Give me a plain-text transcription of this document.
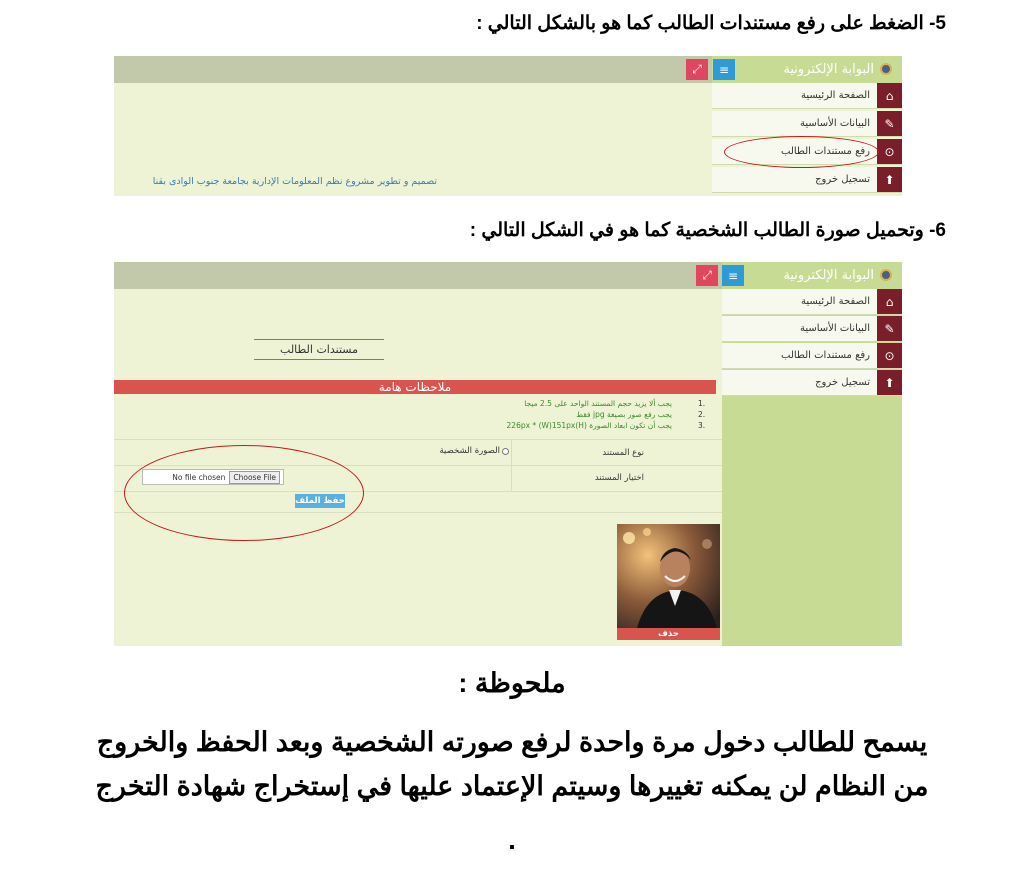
5- الضغط على رفع مستندات الطالب كما هو بالشكل التالي :
البوابة الإلكترونية
≡
⤢
⌂
الصفحة الرئيسية
✎
البيانات الأساسية
⊙
رفع مستندات الطالب
⬆
تسجيل خروج
تصميم و تطوير مشروع نظم المعلومات الإدارية بجامعة جنوب الوادى بقنا
6- وتحميل صورة الطالب الشخصية كما هو في الشكل التالي :
البوابة الإلكترونية
≡
⤢
⌂
الصفحة الرئيسية
✎
البيانات الأساسية
⊙
رفع مستندات الطالب
⬆
تسجيل خروج
مستندات الطالب
ملاحظات هامة
1.
يجب ألا يزيد حجم المستند الواحد على 2.5 ميجا
2.
يجب رفع صور بصيغة jpg فقط
3.
يجب أن تكون ابعاد الصورة (H)226px * (W)151px
نوع المستند
الصورة الشخصية
اختيار المستند
No file chosen	Choose File
حفظ الملف
حذف
ملحوظة :
يسمح للطالب دخول مرة واحدة لرفع صورته الشخصية وبعد الحفظ والخروج
من النظام لن يمكنه تغييرها وسيتم الإعتماد عليها في إستخراج شهادة التخرج
.
